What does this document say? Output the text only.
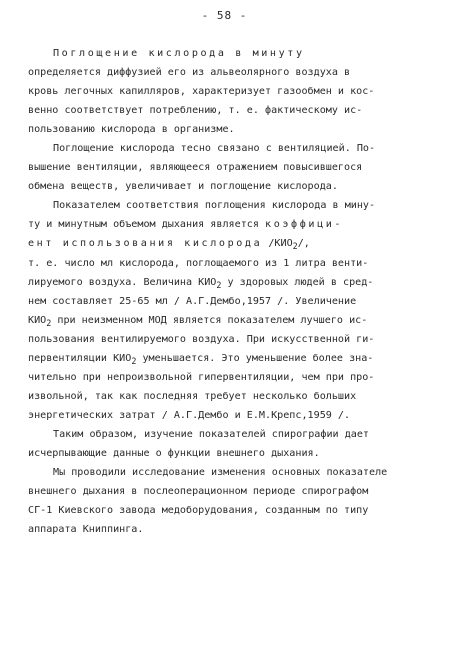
- 58 -
Поглощение кислорода в минуту
определяется диффузией его из альвеолярного воздуха в
кровь легочных капилляров, характеризует газообмен и кос-
венно соответствует потреблению, т. е. фактическому ис-
пользованию кислорода в организме.
Поглощение кислорода тесно связано с вентиляцией. По-
вышение вентиляции, являющееся отражением повысившегося
обмена веществ, увеличивает и поглощение кислорода.
Показателем соответствия поглощения кислорода в мину-
ту и минутным объемом дыхания является коэффици-
ент использования кислорода $/КИО_2/$,
т. е. число мл кислорода, поглощаемого из 1 литра венти-
лируемого воздуха. Величина $КИО_2$ у здоровых людей в сред-
нем составляет 25-65 мл / А.Г.Дембо,1957 /. Увеличение
$КИО_2$ при неизменном МОД является показателем лучшего ис-
пользования вентилируемого воздуха. При искусственной ги-
первентиляции $КИО_2$ уменьшается. Это уменьшение более зна-
чительно при непроизвольной гипервентиляции, чем при про-
извольной, так как последняя требует несколько больших
энергетических затрат / А.Г.Дембо и Е.М.Крепс,1959 /.
Таким образом, изучение показателей спирографии дает
исчерпывающие данные о функции внешнего дыхания.
Мы проводили исследование изменения основных показателе
внешнего дыхания в послеоперационном периоде спирографом
СГ-1 Киевского завода медоборудования, созданным по типу
аппарата Книппинга.
